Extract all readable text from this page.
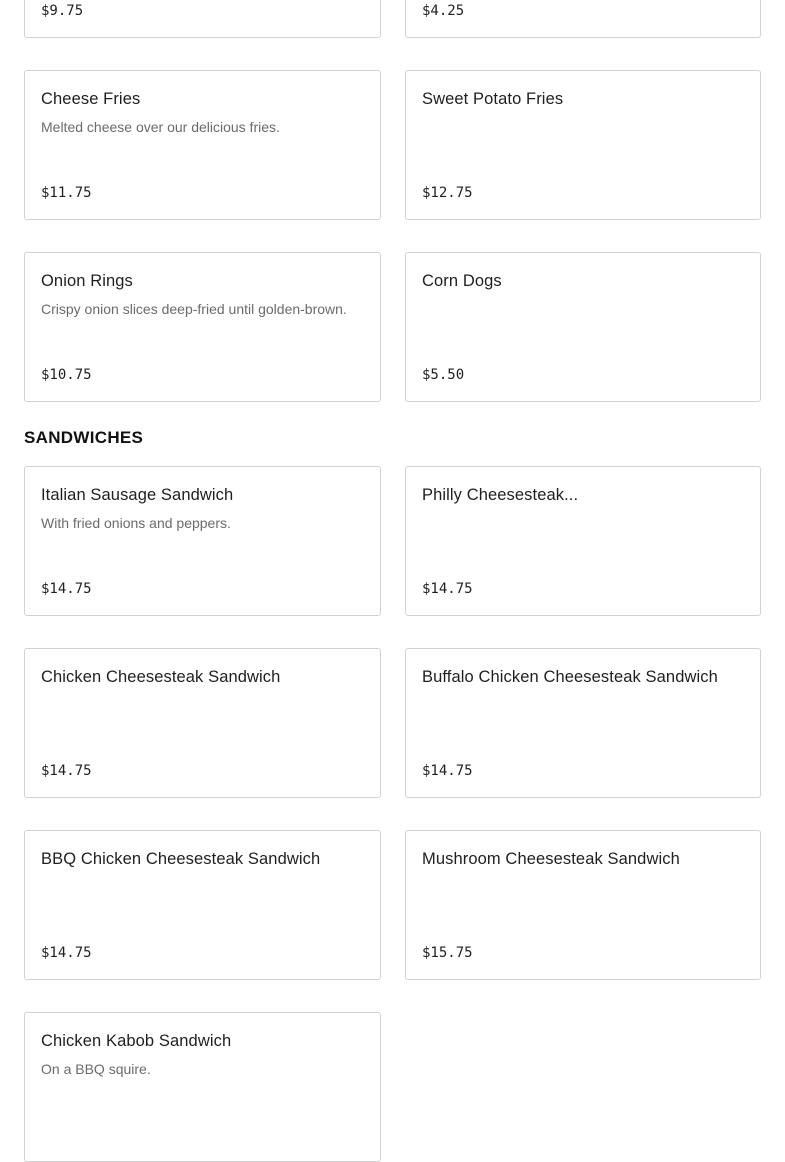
$9.75	$4.25
Cheese Fries
Melted cheese over our delicious fries.
$11.75
Sweet Potato Fries
$12.75
Onion Rings
Crispy onion slices deep-fried until golden-brown.
$10.75
Corn Dogs
$5.50
SANDWICHES
Italian Sausage Sandwich
With fried onions and peppers.
$14.75
Philly Cheesesteak...
$14.75
Chicken Cheesesteak Sandwich
$14.75
Buffalo Chicken Cheesesteak Sandwich
$14.75
BBQ Chicken Cheesesteak Sandwich
$14.75
Mushroom Cheesesteak Sandwich
$15.75
Chicken Kabob Sandwich
On a BBQ squire.
